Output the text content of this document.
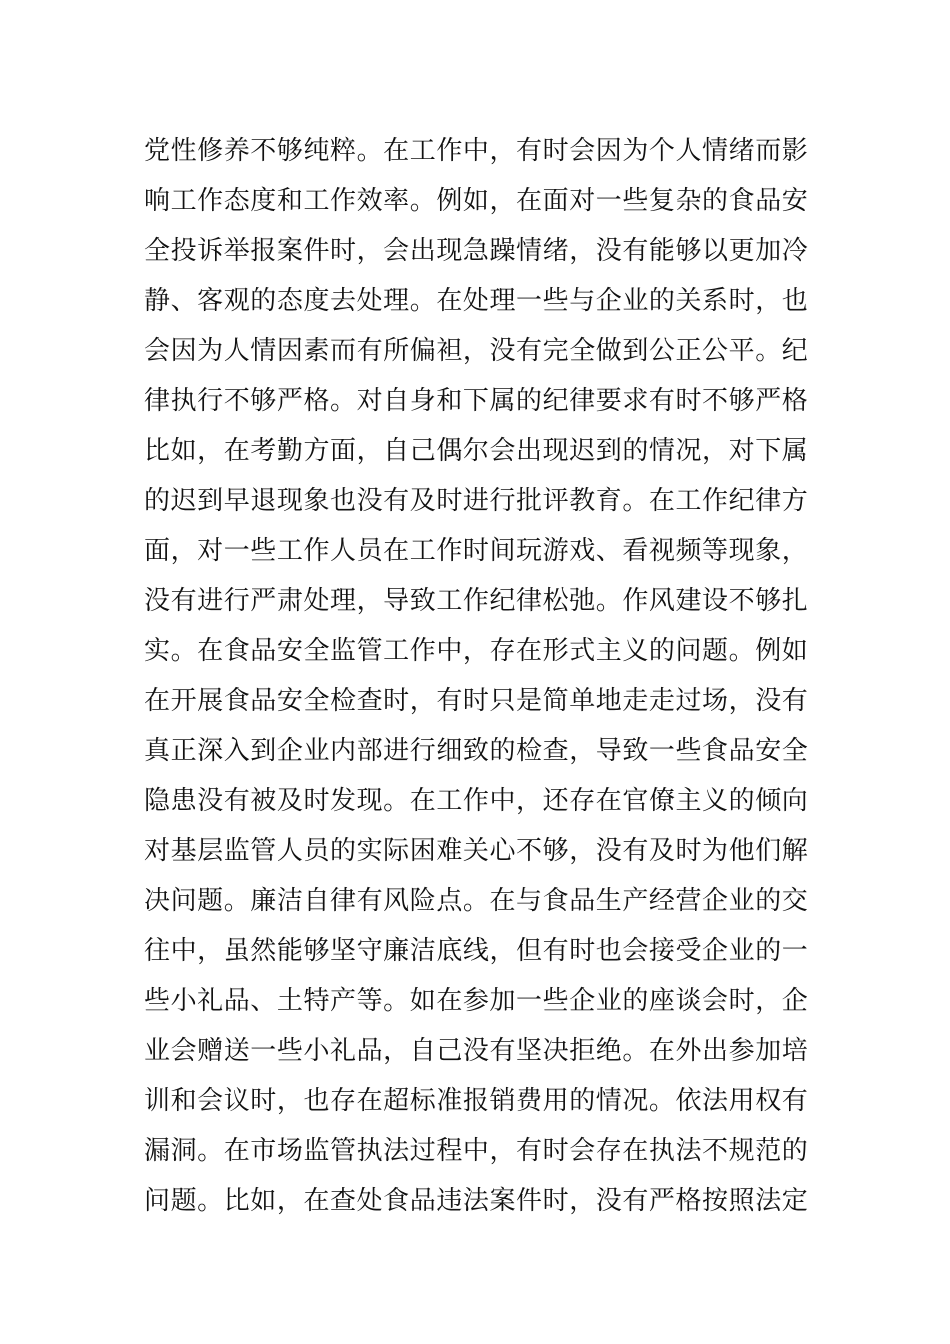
党性修养不够纯粹。在工作中，有时会因为个人情绪而影
响工作态度和工作效率。例如，在面对一些复杂的食品安
全投诉举报案件时，会出现急躁情绪，没有能够以更加冷
静、客观的态度去处理。在处理一些与企业的关系时，也
会因为人情因素而有所偏袒，没有完全做到公正公平。纪
律执行不够严格。对自身和下属的纪律要求有时不够严格
比如，在考勤方面，自己偶尔会出现迟到的情况，对下属
的迟到早退现象也没有及时进行批评教育。在工作纪律方
面，对一些工作人员在工作时间玩游戏、看视频等现象，
没有进行严肃处理，导致工作纪律松弛。作风建设不够扎
实。在食品安全监管工作中，存在形式主义的问题。例如
在开展食品安全检查时，有时只是简单地走走过场，没有
真正深入到企业内部进行细致的检查，导致一些食品安全
隐患没有被及时发现。在工作中，还存在官僚主义的倾向
对基层监管人员的实际困难关心不够，没有及时为他们解
决问题。廉洁自律有风险点。在与食品生产经营企业的交
往中，虽然能够坚守廉洁底线，但有时也会接受企业的一
些小礼品、土特产等。如在参加一些企业的座谈会时，企
业会赠送一些小礼品，自己没有坚决拒绝。在外出参加培
训和会议时，也存在超标准报销费用的情况。依法用权有
漏洞。在市场监管执法过程中，有时会存在执法不规范的
问题。比如，在查处食品违法案件时，没有严格按照法定
